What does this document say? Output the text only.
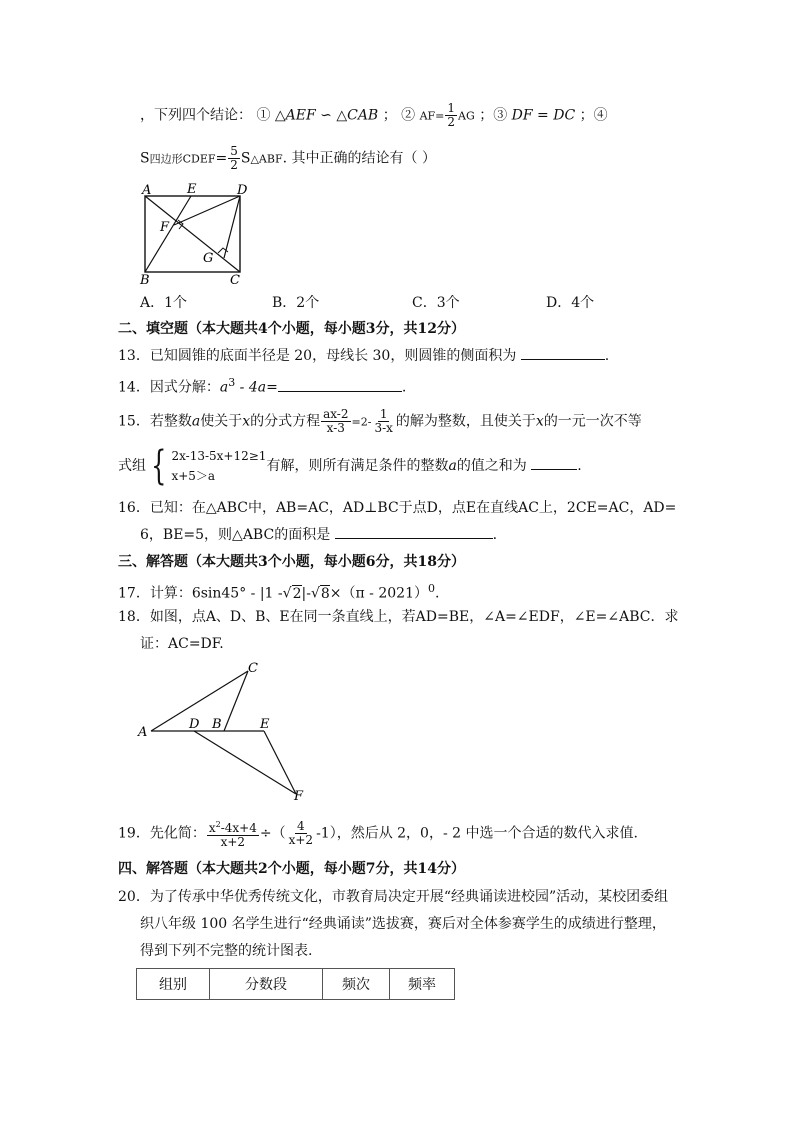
，下列四个结论： ① △AEF ∽ △CAB ； ② $AF= \frac{1}{2}$ AG ；③ DF = DC ；④
S四边形CDEF= $\frac{5}{2}$ S△ABF. 其中正确的结论有（ ）
A	E	D
F
G
B	C
A．1个	B．2个	C．3个	D．4个
二、填空题（本大题共4个小题，每小题3分，共12分）
13．已知圆锥的底面半径是 20，母线长 30，则圆锥的侧面积为	.
14．因式分解：$a^3 - 4a=$	.
15．若整数a使关于x的分式方程 $\frac{ax-2}{x-3} =2- \frac{1}{3-x}$ 的解为整数，且使关于x的一元一次不等
式组 { 2x-13-5x+12≥1
x+5＞a
有解，则所有满足条件的整数a的值之和为	.
16．已知：在△ABC中，AB=AC，AD⊥BC于点D，点E在直线AC上，2CE=AC，AD=
6，BE=5，则△ABC的面积是	.
三、解答题（本大题共3个小题，每小题6分，共18分）
17．计算：6sin45° - |1 -√2|-√8×（π - 2021）$^0$.
18．如图，点A、D、B、E在同一条直线上，若AD=BE，∠A=∠EDF，∠E=∠ABC．求
证：AC=DF.
C
A
D B	E
F
19．先化简： $\frac{x^2-4x+4}{x+2}$ ÷（ $\frac{4}{x+2} -1$），然后从 2，0，- 2 中选一个合适的数代入求值.
四、解答题（本大题共2个小题，每小题7分，共14分）
20．为了传承中华优秀传统文化，市教育局决定开展“经典诵读进校园”活动，某校团委组
织八年级 100 名学生进行“经典诵读”选拔赛，赛后对全体参赛学生的成绩进行整理，
得到下列不完整的统计图表.
组别	分数段	频次	频率
